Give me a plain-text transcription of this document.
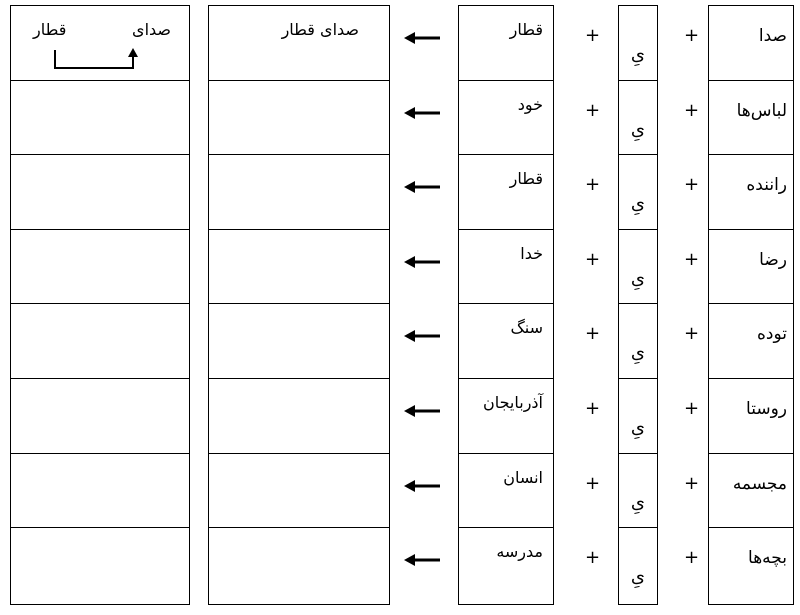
صدا
لباس‌ها
راننده
رضا
توده
روستا
مجسمه
بچه‌ها
یِ
یِ
یِ
یِ
یِ
یِ
یِ
یِ
قطار
خود
قطار
خدا
سنگ
آذربایجان
انسان
مدرسه
صدای قطار
صدای
قطار	+
+
+
+
+
+
+
+
+
+
+
+
+
+
+
+
